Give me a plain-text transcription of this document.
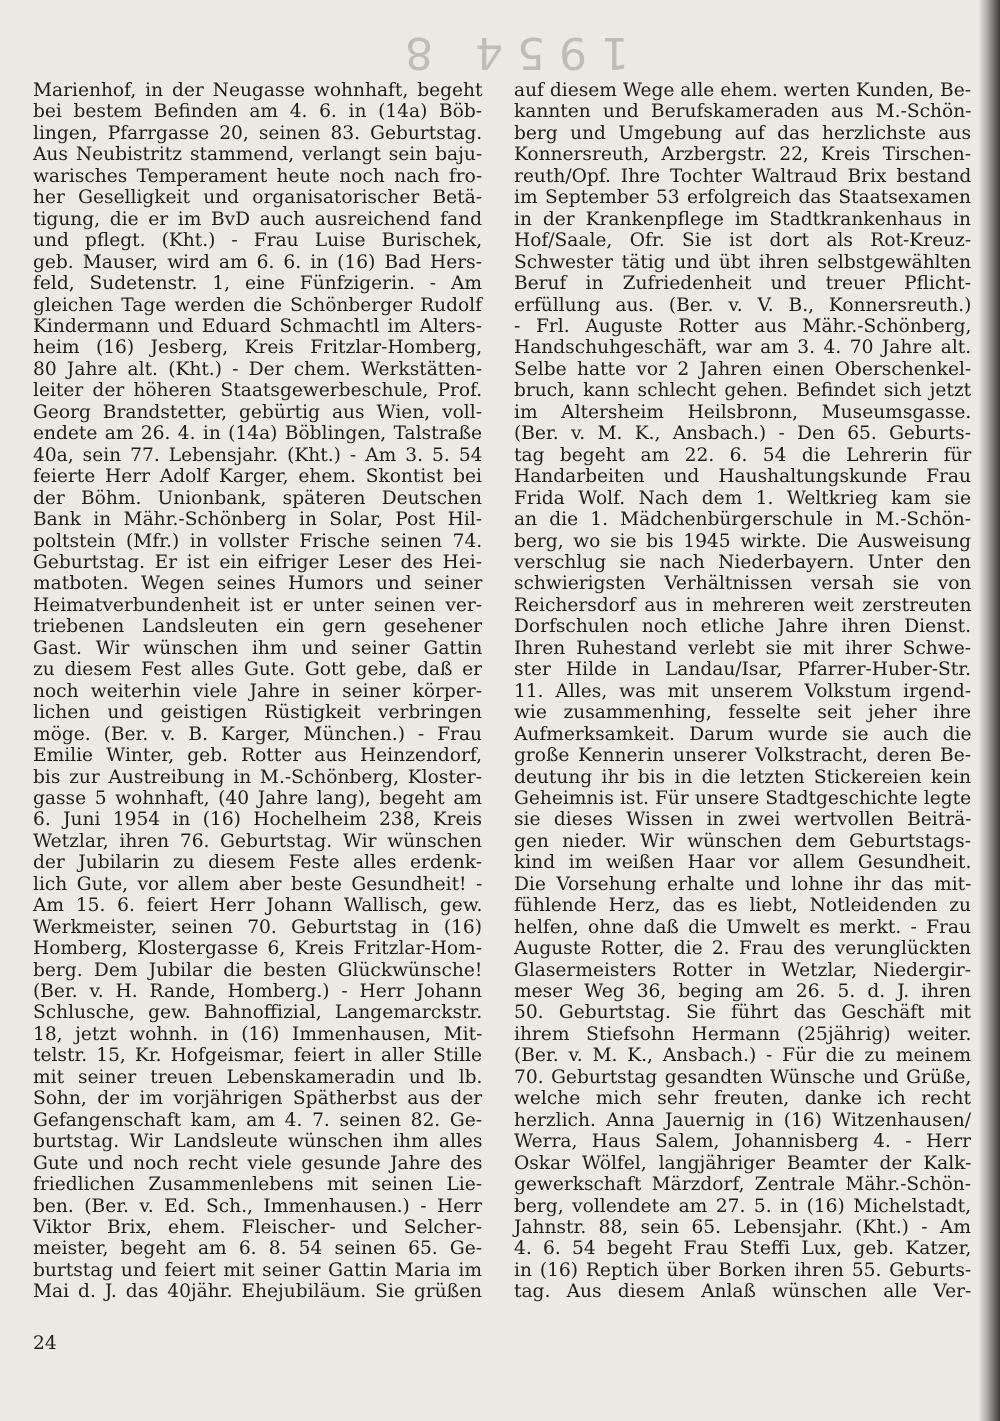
1954 8
Marienhof, in der Neugasse wohnhaft, begeht
bei bestem Befinden am 4. 6. in (14a) Böb-
lingen, Pfarrgasse 20, seinen 83. Geburtstag.
Aus Neubistritz stammend, verlangt sein baju-
warisches Temperament heute noch nach fro-
her Geselligkeit und organisatorischer Betä-
tigung, die er im BvD auch ausreichend fand
und pflegt. (Kht.) - Frau Luise Burischek,
geb. Mauser, wird am 6. 6. in (16) Bad Hers-
feld, Sudetenstr. 1, eine Fünfzigerin. - Am
gleichen Tage werden die Schönberger Rudolf
Kindermann und Eduard Schmachtl im Alters-
heim (16) Jesberg, Kreis Fritzlar-Homberg,
80 Jahre alt. (Kht.) - Der chem. Werkstätten-
leiter der höheren Staatsgewerbeschule, Prof.
Georg Brandstetter, gebürtig aus Wien, voll-
endete am 26. 4. in (14a) Böblingen, Talstraße
40a, sein 77. Lebensjahr. (Kht.) - Am 3. 5. 54
feierte Herr Adolf Karger, ehem. Skontist bei
der Böhm. Unionbank, späteren Deutschen
Bank in Mähr.-Schönberg in Solar, Post Hil-
poltstein (Mfr.) in vollster Frische seinen 74.
Geburtstag. Er ist ein eifriger Leser des Hei-
matboten. Wegen seines Humors und seiner
Heimatverbundenheit ist er unter seinen ver-
triebenen Landsleuten ein gern gesehener
Gast. Wir wünschen ihm und seiner Gattin
zu diesem Fest alles Gute. Gott gebe, daß er
noch weiterhin viele Jahre in seiner körper-
lichen und geistigen Rüstigkeit verbringen
möge. (Ber. v. B. Karger, München.) - Frau
Emilie Winter, geb. Rotter aus Heinzendorf,
bis zur Austreibung in M.-Schönberg, Kloster-
gasse 5 wohnhaft, (40 Jahre lang), begeht am
6. Juni 1954 in (16) Hochelheim 238, Kreis
Wetzlar, ihren 76. Geburtstag. Wir wünschen
der Jubilarin zu diesem Feste alles erdenk-
lich Gute, vor allem aber beste Gesundheit! -
Am 15. 6. feiert Herr Johann Wallisch, gew.
Werkmeister, seinen 70. Geburtstag in (16)
Homberg, Klostergasse 6, Kreis Fritzlar-Hom-
berg. Dem Jubilar die besten Glückwünsche!
(Ber. v. H. Rande, Homberg.) - Herr Johann
Schlusche, gew. Bahnoffizial, Langemarckstr.
18, jetzt wohnh. in (16) Immenhausen, Mit-
telstr. 15, Kr. Hofgeismar, feiert in aller Stille
mit seiner treuen Lebenskameradin und lb.
Sohn, der im vorjährigen Spätherbst aus der
Gefangenschaft kam, am 4. 7. seinen 82. Ge-
burtstag. Wir Landsleute wünschen ihm alles
Gute und noch recht viele gesunde Jahre des
friedlichen Zusammenlebens mit seinen Lie-
ben. (Ber. v. Ed. Sch., Immenhausen.) - Herr
Viktor Brix, ehem. Fleischer- und Selcher-
meister, begeht am 6. 8. 54 seinen 65. Ge-
burtstag und feiert mit seiner Gattin Maria im
Mai d. J. das 40jähr. Ehejubiläum. Sie grüßen
auf diesem Wege alle ehem. werten Kunden, Be-
kannten und Berufskameraden aus M.-Schön-
berg und Umgebung auf das herzlichste aus
Konnersreuth, Arzbergstr. 22, Kreis Tirschen-
reuth/Opf. Ihre Tochter Waltraud Brix bestand
im September 53 erfolgreich das Staatsexamen
in der Krankenpflege im Stadtkrankenhaus in
Hof/Saale, Ofr. Sie ist dort als Rot-Kreuz-
Schwester tätig und übt ihren selbstgewählten
Beruf in Zufriedenheit und treuer Pflicht-
erfüllung aus. (Ber. v. V. B., Konnersreuth.)
- Frl. Auguste Rotter aus Mähr.-Schönberg,
Handschuhgeschäft, war am 3. 4. 70 Jahre alt.
Selbe hatte vor 2 Jahren einen Oberschenkel-
bruch, kann schlecht gehen. Befindet sich jetzt
im Altersheim Heilsbronn, Museumsgasse.
(Ber. v. M. K., Ansbach.) - Den 65. Geburts-
tag begeht am 22. 6. 54 die Lehrerin für
Handarbeiten und Haushaltungskunde Frau
Frida Wolf. Nach dem 1. Weltkrieg kam sie
an die 1. Mädchenbürgerschule in M.-Schön-
berg, wo sie bis 1945 wirkte. Die Ausweisung
verschlug sie nach Niederbayern. Unter den
schwierigsten Verhältnissen versah sie von
Reichersdorf aus in mehreren weit zerstreuten
Dorfschulen noch etliche Jahre ihren Dienst.
Ihren Ruhestand verlebt sie mit ihrer Schwe-
ster Hilde in Landau/Isar, Pfarrer-Huber-Str.
11. Alles, was mit unserem Volkstum irgend-
wie zusammenhing, fesselte seit jeher ihre
Aufmerksamkeit. Darum wurde sie auch die
große Kennerin unserer Volkstracht, deren Be-
deutung ihr bis in die letzten Stickereien kein
Geheimnis ist. Für unsere Stadtgeschichte legte
sie dieses Wissen in zwei wertvollen Beiträ-
gen nieder. Wir wünschen dem Geburtstags-
kind im weißen Haar vor allem Gesundheit.
Die Vorsehung erhalte und lohne ihr das mit-
fühlende Herz, das es liebt, Notleidenden zu
helfen, ohne daß die Umwelt es merkt. - Frau
Auguste Rotter, die 2. Frau des verunglückten
Glasermeisters Rotter in Wetzlar, Niedergir-
meser Weg 36, beging am 26. 5. d. J. ihren
50. Geburtstag. Sie führt das Geschäft mit
ihrem Stiefsohn Hermann (25jährig) weiter.
(Ber. v. M. K., Ansbach.) - Für die zu meinem
70. Geburtstag gesandten Wünsche und Grüße,
welche mich sehr freuten, danke ich recht
herzlich. Anna Jauernig in (16) Witzenhausen/
Werra, Haus Salem, Johannisberg 4. - Herr
Oskar Wölfel, langjähriger Beamter der Kalk-
gewerkschaft Märzdorf, Zentrale Mähr.-Schön-
berg, vollendete am 27. 5. in (16) Michelstadt,
Jahnstr. 88, sein 65. Lebensjahr. (Kht.) - Am
4. 6. 54 begeht Frau Steffi Lux, geb. Katzer,
in (16) Reptich über Borken ihren 55. Geburts-
tag. Aus diesem Anlaß wünschen alle Ver-
24
